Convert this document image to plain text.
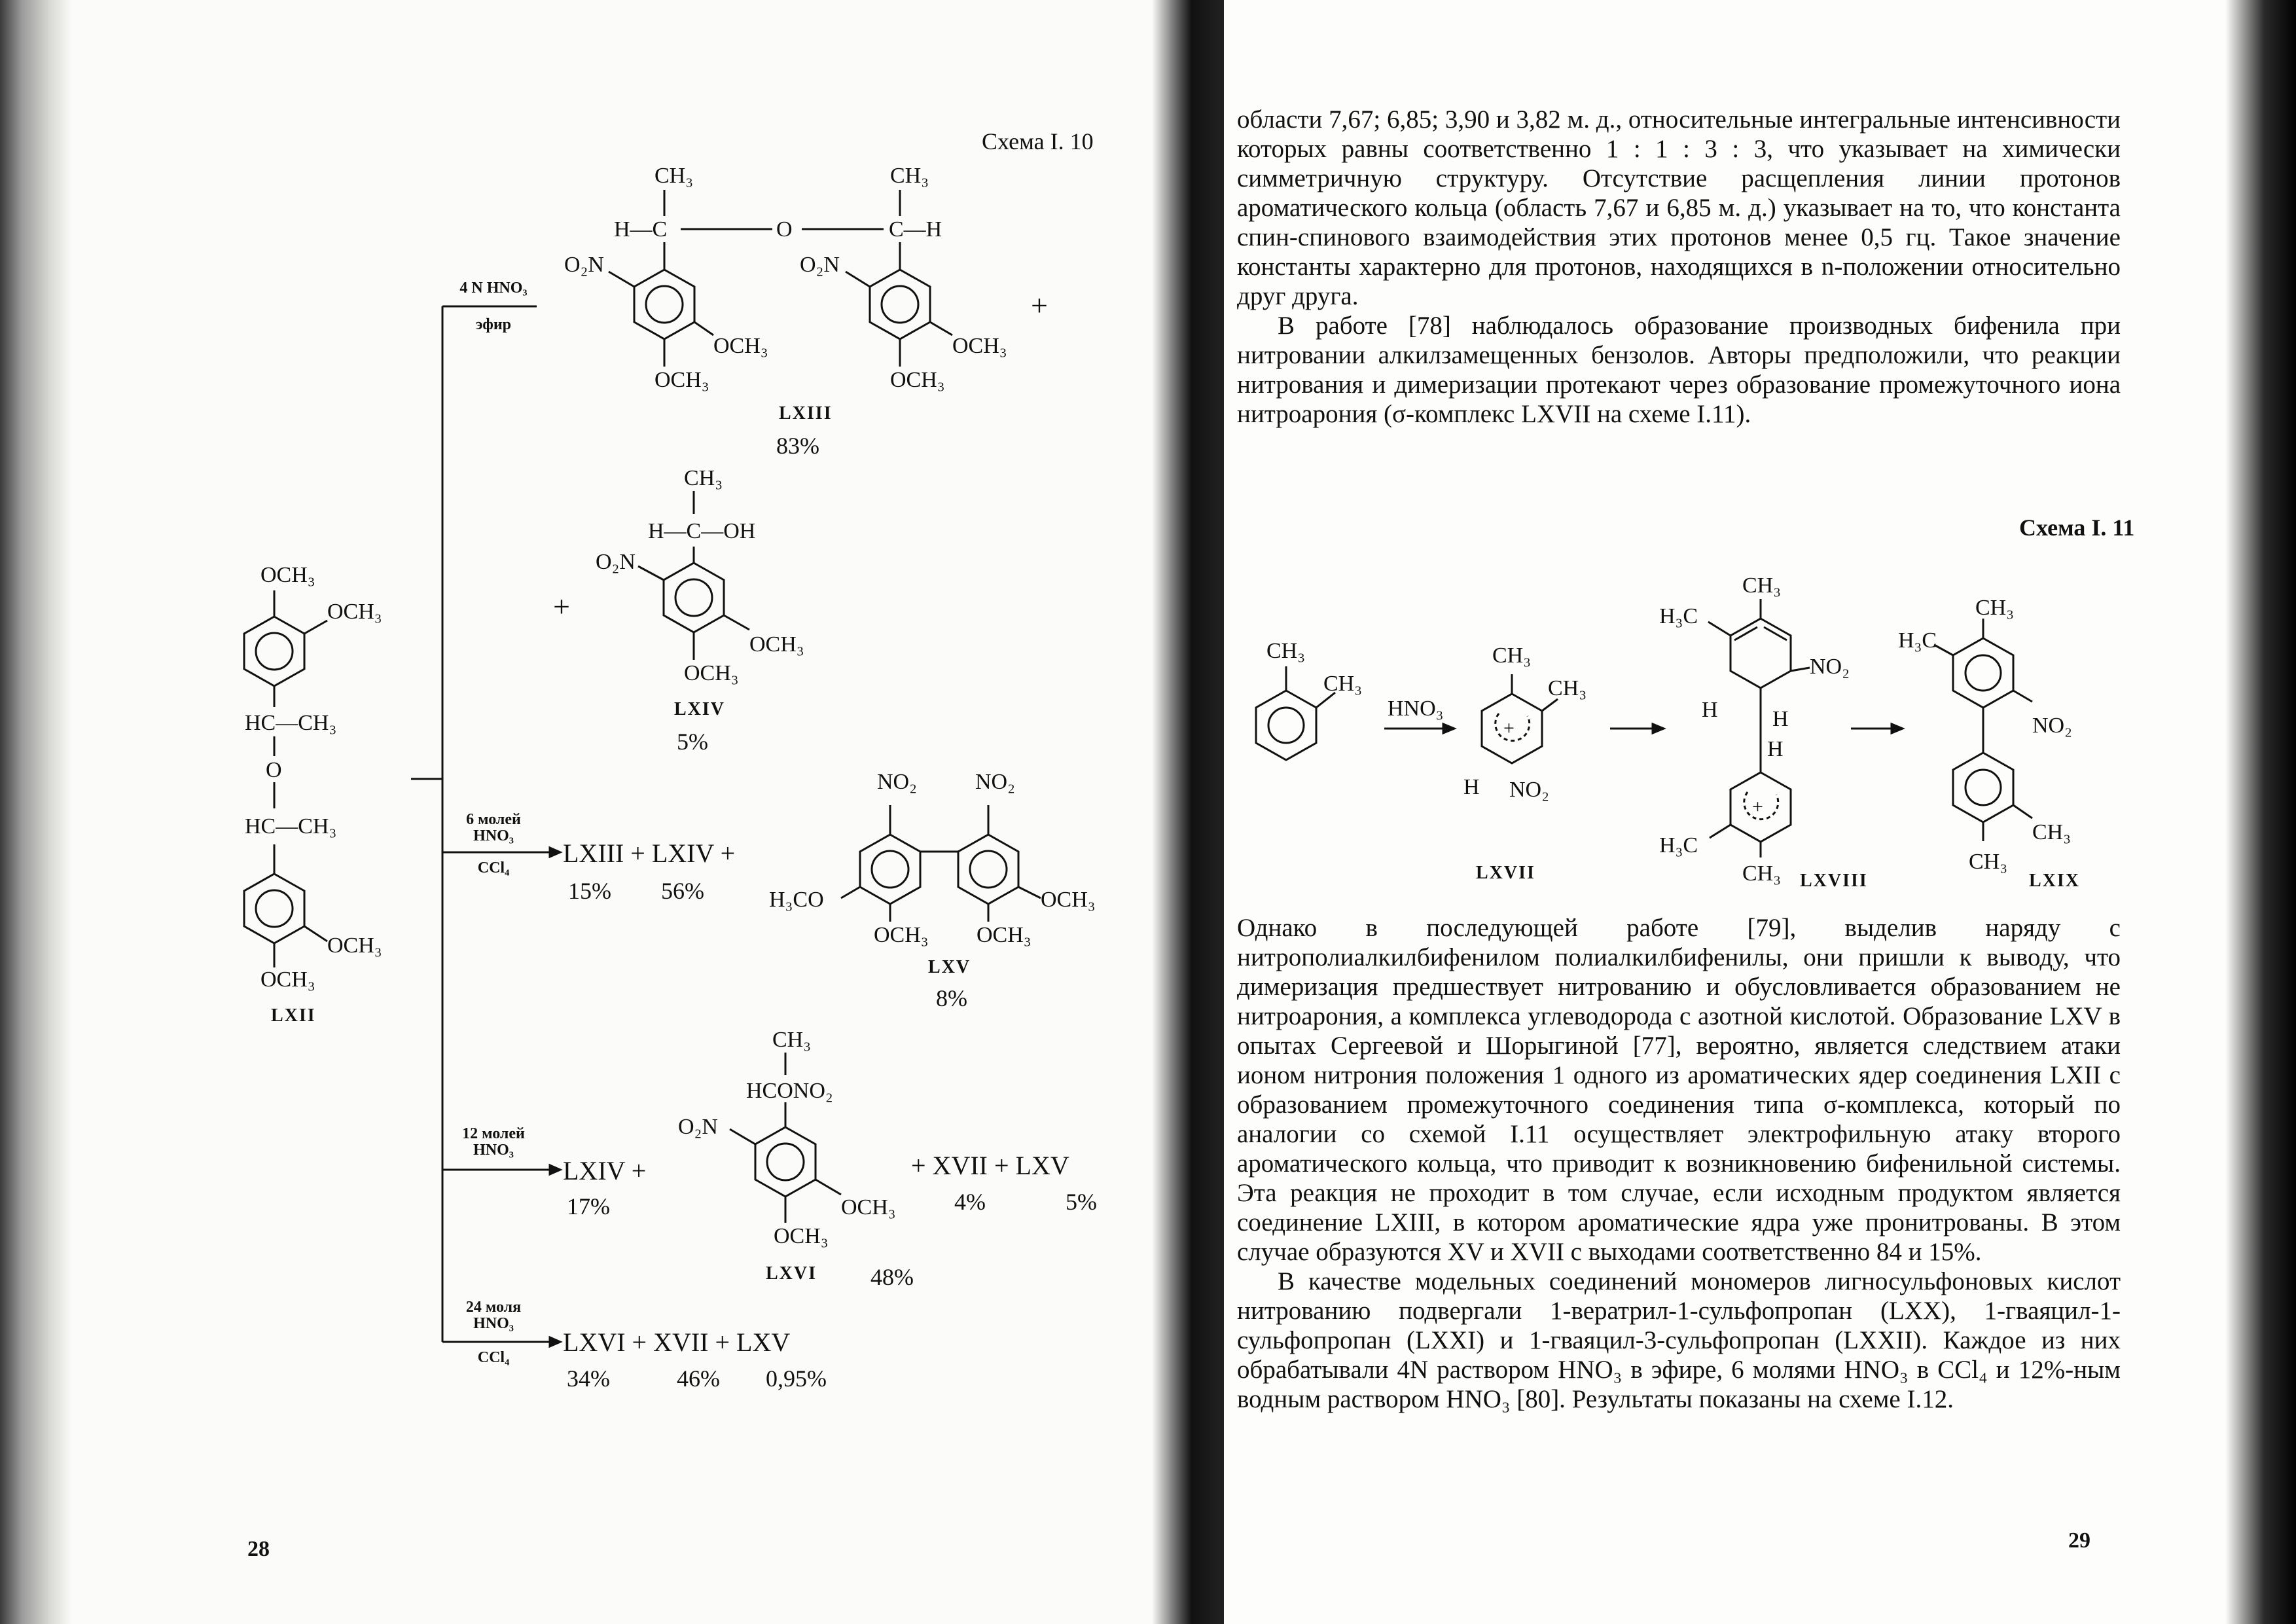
+
+
Схема I. 10
OCH₃
OCH₃
HC—CH₃
O
HC—CH₃
OCH₃
OCH₃
LXII
4 N HNO₃
эфир
CH₃	CH₃
H—C	O	C—H
O₂N	O₂N
OCH₃	OCH₃
OCH₃	OCH₃
LXIII
83%
+
+
CH₃
H—C—OH
O₂N
OCH₃
OCH₃
LXIV
5%
6 молей HNO₃
CCl₄	LXIII + LXIV +
15% 56%
NO₂	NO₂
H₃CO
OCH₃ OCH₃
OCH₃
LXV
8%
12 молей HNO₃
LXIV +
17%
CH₃
HCONO₂
O₂N
OCH₃
OCH₃
LXVI 48%
+ XVII + LXV
4%	5%
24 моля HNO₃
CCl₄
LXVI + XVII + LXV
34%	46% 0,95%
28

области 7,67; 6,85; 3,90 и 3,82 м. д., относительные интегральные интенсивности которых равны соответственно 1 : 1 : 3 : 3, что указывает на химически симметричную структуру. Отсутствие расщепления линии протонов ароматического кольца (область 7,67 и 6,85 м. д.) указывает на то, что константа спин-спинового взаимодействия этих протонов менее 0,5 гц. Такое значение константы характерно для протонов, находящихся в n-положении относительно друг друга.

В работе [78] наблюдалось образование производных бифенила при нитровании алкилзамещенных бензолов. Авторы предположили, что реакции нитрования и димеризации протекают через образование промежуточного иона нитроарония (σ-комплекс LXVII на схеме I.11).

Схема I. 11
CH₃
CH₃
HNO₃
CH₃
CH₃
H NO₂
H₃C
CH₃
NO₂
H H
H
H₃C
CH₃
H₃C
CH₃
NO₂
CH₃
CH₃
LXVII	LXVIII	LXIX

Однако в последующей работе [79], выделив наряду с нитрополиалкилбифенилом полиалкилбифенилы, они пришли к выводу, что димеризация предшествует нитрованию и обусловливается образованием не нитроарония, а комплекса углеводорода с азотной кислотой. Образование LXV в опытах Сергеевой и Шорыгиной [77], вероятно, является следствием атаки ионом нитрония положения 1 одного из ароматических ядер соединения LXII с образованием промежуточного соединения типа σ-комплекса, который по аналогии со схемой I.11 осуществляет электрофильную атаку второго ароматического кольца, что приводит к возникновению бифенильной системы. Эта реакция не проходит в том случае, если исходным продуктом является соединение LXIII, в котором ароматические ядра уже пронитрованы. В этом случае образуются XV и XVII с выходами соответственно 84 и 15%.

В качестве модельных соединений мономеров лигносульфоновых кислот нитрованию подвергали 1-вератрил-1-сульфопропан (LXX), 1-гваяцил-1-сульфопропан (LXXI) и 1-гваяцил-3-сульфопропан (LXXII). Каждое из них обрабатывали 4N раствором HNO₃ в эфире, 6 молями HNO₃ в CCl₄ и 12%-ным водным раствором HNO₃ [80]. Результаты показаны на схеме I.12.

29
